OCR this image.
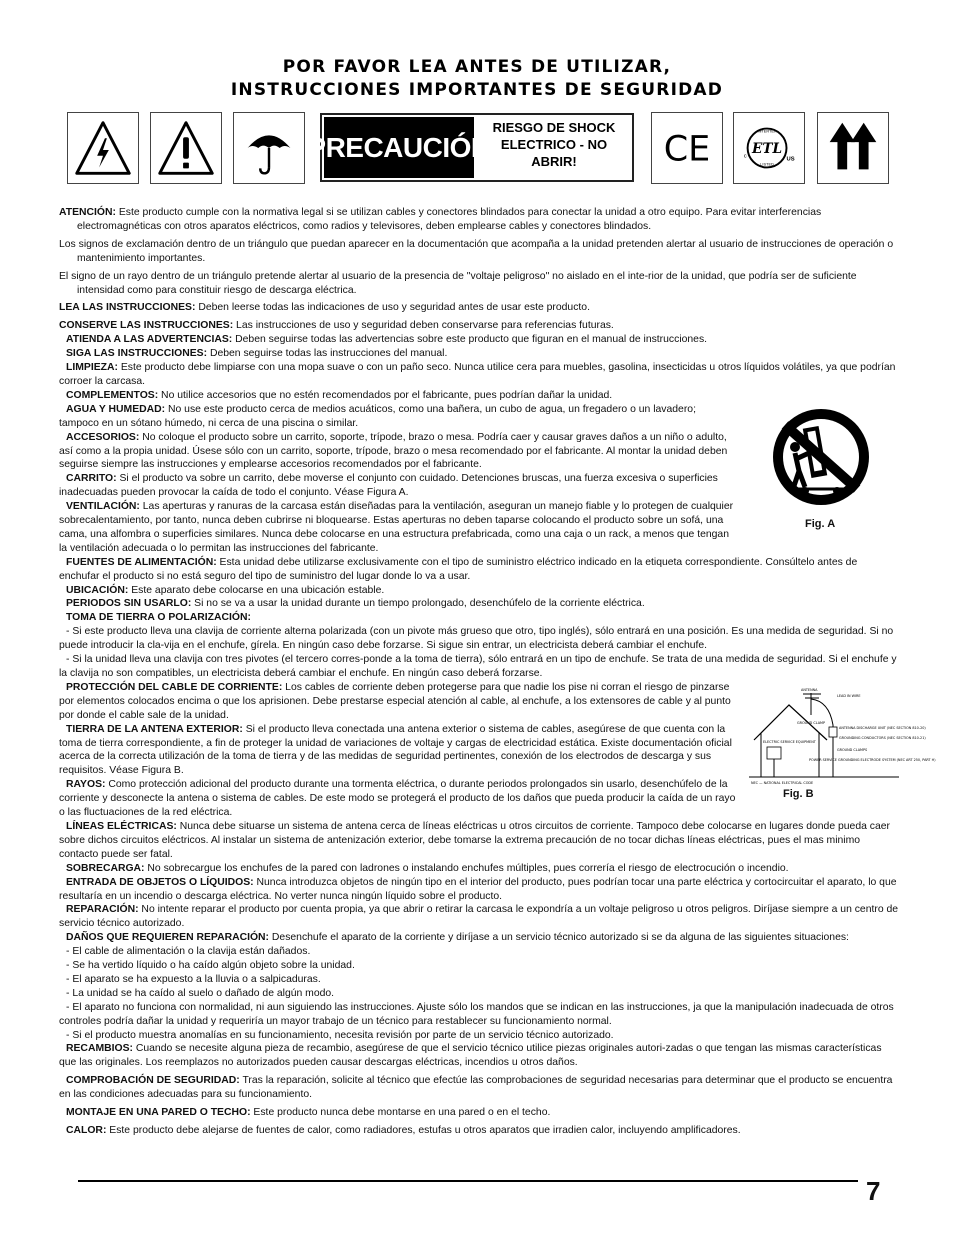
POR FAVOR LEA ANTES DE UTILIZAR,
INSTRUCCIONES IMPORTANTES DE SEGURIDAD
PRECAUCIÓN
RIESGO DE SHOCK
ELECTRICO - NO
ABRIR!	CE	INTERTEK
ETL
LISTED
c	US

ATENCIÓN: Este producto cumple con la normativa legal si se utilizan cables y conectores blindados para conectar la unidad a otro equipo. Para evitar interferencias electromagnéticas con otros aparatos eléctricos, como radios y televisores, deben emplearse cables y conectores blindados.

Los signos de exclamación dentro de un triángulo que puedan aparecer en la documentación que acompaña a la unidad pretenden alertar al usuario de instrucciones de operación o mantenimiento importantes.

El signo de un rayo dentro de un triángulo pretende alertar al usuario de la presencia de "voltaje peligroso" no aislado en el inte-rior de la unidad, que podría ser de suficiente intensidad como para constituir riesgo de descarga eléctrica.

LEA LAS INSTRUCCIONES: Deben leerse todas las indicaciones de uso y seguridad antes de usar este producto.

CONSERVE LAS INSTRUCCIONES: Las instrucciones de uso y seguridad deben conservarse para referencias futuras.

ATIENDA A LAS ADVERTENCIAS: Deben seguirse todas las advertencias sobre este producto que figuran en el manual de instrucciones.

SIGA LAS INSTRUCCIONES: Deben seguirse todas las instrucciones del manual.

LIMPIEZA: Este producto debe limpiarse con una mopa suave o con un paño seco. Nunca utilice cera para muebles, gasolina, insecticidas u otros líquidos volátiles, ya que podrían corroer la carcasa.

COMPLEMENTOS: No utilice accesorios que no estén recomendados por el fabricante, pues podrían dañar la unidad.

Fig. A

AGUA Y HUMEDAD: No use este producto cerca de medios acuáticos, como una bañera, un cubo de agua, un fregadero o un lavadero; tampoco en un sótano húmedo, ni cerca de una piscina o similar.

ACCESORIOS: No coloque el producto sobre un carrito, soporte, trípode, brazo o mesa. Podría caer y causar graves daños a un niño o adulto, así como a la propia unidad. Úsese sólo con un carrito, soporte, trípode, brazo o mesa recomendado por el fabricante. Al montar la unidad deben seguirse siempre las instrucciones y emplearse accesorios recomendados por el fabricante.

CARRITO: Si el producto va sobre un carrito, debe moverse el conjunto con cuidado. Detenciones bruscas, una fuerza excesiva o superficies inadecuadas pueden provocar la caída de todo el conjunto. Véase Figura A.

VENTILACIÓN: Las aperturas y ranuras de la carcasa están diseñadas para la ventilación, aseguran un manejo fiable y lo protegen de cualquier sobrecalentamiento, por tanto, nunca deben cubrirse ni bloquearse. Estas aperturas no deben taparse colocando el producto sobre un sofá, una cama, una alfombra o superficies similares. Nunca debe colocarse en una estructura prefabricada, como una caja o un rack, a menos que tengan la ventilación adecuada o lo permitan las instrucciones del fabricante.

FUENTES DE ALIMENTACIÓN: Esta unidad debe utilizarse exclusivamente con el tipo de suministro eléctrico indicado en la etiqueta correspondiente. Consúltelo antes de enchufar el producto si no está seguro del tipo de suministro del lugar donde lo va a usar.

UBICACIÓN: Este aparato debe colocarse en una ubicación estable.

PERIODOS SIN USARLO: Si no se va a usar la unidad durante un tiempo prolongado, desenchúfelo de la corriente eléctrica.

TOMA DE TIERRA O POLARIZACIÓN:

- Si este producto lleva una clavija de corriente alterna polarizada (con un pivote más grueso que otro, tipo inglés), sólo entrará en una posición. Es una medida de seguridad. Si no puede introducir la cla-vija en el enchufe, gírela. En ningún caso debe forzarse. Si sigue sin entrar, un electricista deberá cambiar el enchufe.

- Si la unidad lleva una clavija con tres pivotes (el tercero corres-ponde a la toma de tierra), sólo entrará en un tipo de enchufe. Se trata de una medida de seguridad. Si el enchufe y la clavija no son compatibles, un electricista deberá cambiar el enchufe. En ningún caso deberá forzarse.

ANTENNA
LEAD IN WIRE
GROUND CLAMP
ANTENNA DISCHARGE UNIT (NEC SECTION 810-20)
GROUNDING CONDUCTORS (NEC SECTION 810-21)
ELECTRIC SERVICE EQUIPMENT
GROUND CLAMPS
POWER SERVICE GROUNDING ELECTRODE SYSTEM (NEC ART 250, PART H)
NEC — NATIONAL ELECTRICAL CODE
Fig. B

PROTECCIÓN DEL CABLE DE CORRIENTE: Los cables de corriente deben protegerse para que nadie los pise ni corran el riesgo de pinzarse por elementos colocados encima o que los aprisionen. Debe prestarse especial atención al cable, al enchufe, a los extensores de cable y al punto por donde el cable sale de la unidad.

TIERRA DE LA ANTENA EXTERIOR: Si el producto lleva conectada una antena exterior o sistema de cables, asegúrese de que cuenta con la toma de tierra correspondiente, a fin de proteger la unidad de variaciones de voltaje y cargas de electricidad estática. Existe documentación oficial acerca de la correcta utilización de la toma de tierra y de las medidas de seguridad pertinentes, conexión de los electrodos de descarga y sus requisitos. Véase Figura B.

RAYOS: Como protección adicional del producto durante una tormenta eléctrica, o durante periodos prolongados sin usarlo, desenchúfelo de la corriente y desconecte la antena o sistema de cables. De este modo se protegerá el producto de los daños que pueda producir la caída de un rayo o las fluctuaciones de la red eléctrica.

LÍNEAS ELÉCTRICAS: Nunca debe situarse un sistema de antena cerca de líneas eléctricas u otros circuitos de corriente. Tampoco debe colocarse en lugares donde pueda caer sobre dichos circuitos eléctricos. Al instalar un sistema de antenización exterior, debe tomarse la extrema precaución de no tocar dichas líneas eléctricas, pues el mas minimo contacto puede ser fatal.

SOBRECARGA: No sobrecargue los enchufes de la pared con ladrones o instalando enchufes múltiples, pues correría el riesgo de electrocución o incendio.

ENTRADA DE OBJETOS O LÍQUIDOS: Nunca introduzca objetos de ningún tipo en el interior del producto, pues podrían tocar una parte eléctrica y cortocircuitar el aparato, lo que resultaría en un incendio o descarga eléctrica. No verter nunca ningún líquido sobre el producto.

REPARACIÓN: No intente reparar el producto por cuenta propia, ya que abrir o retirar la carcasa le expondría a un voltaje peligroso u otros peligros. Diríjase siempre a un centro de servicio técnico autorizado.

DAÑOS QUE REQUIEREN REPARACIÓN: Desenchufe el aparato de la corriente y diríjase a un servicio técnico autorizado si se da alguna de las siguientes situaciones:

- El cable de alimentación o la clavija están dañados.

- Se ha vertido líquido o ha caído algún objeto sobre la unidad.

- El aparato se ha expuesto a la lluvia o a salpicaduras.

- La unidad se ha caído al suelo o dañado de algún modo.

- El aparato no funciona con normalidad, ni aun siguiendo las instrucciones. Ajuste sólo los mandos que se indican en las instrucciones, ja que la manipulación inadecuada de otros controles podría dañar la unidad y requeriría un mayor trabajo de un técnico para restablecer su funcionamiento normal.

- Si el producto muestra anomalías en su funcionamiento, necesita revisión por parte de un servicio técnico autorizado.

RECAMBIOS: Cuando se necesite alguna pieza de recambio, asegúrese de que el servicio técnico utilice piezas originales autori-zadas o que tengan las mismas características que las originales. Los reemplazos no autorizados pueden causar descargas eléctricas, incendios u otros daños.

COMPROBACIÓN DE SEGURIDAD: Tras la reparación, solicite al técnico que efectúe las comprobaciones de seguridad necesarias para determinar que el producto se encuentra en las condiciones adecuadas para su funcionamiento.

MONTAJE EN UNA PARED O TECHO: Este producto nunca debe montarse en una pared o en el techo.

CALOR: Este producto debe alejarse de fuentes de calor, como radiadores, estufas u otros aparatos que irradien calor, incluyendo amplificadores.

7
